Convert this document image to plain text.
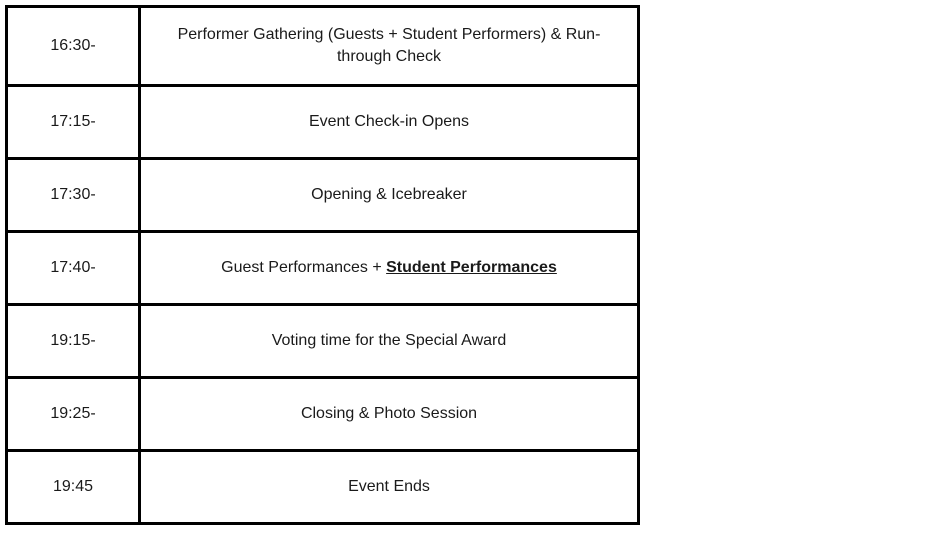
16:30-	Performer Gathering (Guests + Student Performers) & Run-through Check
17:15-	Event Check-in Opens
17:30-	Opening & Icebreaker
17:40-	Guest Performances + Student Performances
19:15-	Voting time for the Special Award
19:25-	Closing & Photo Session
19:45	Event Ends
